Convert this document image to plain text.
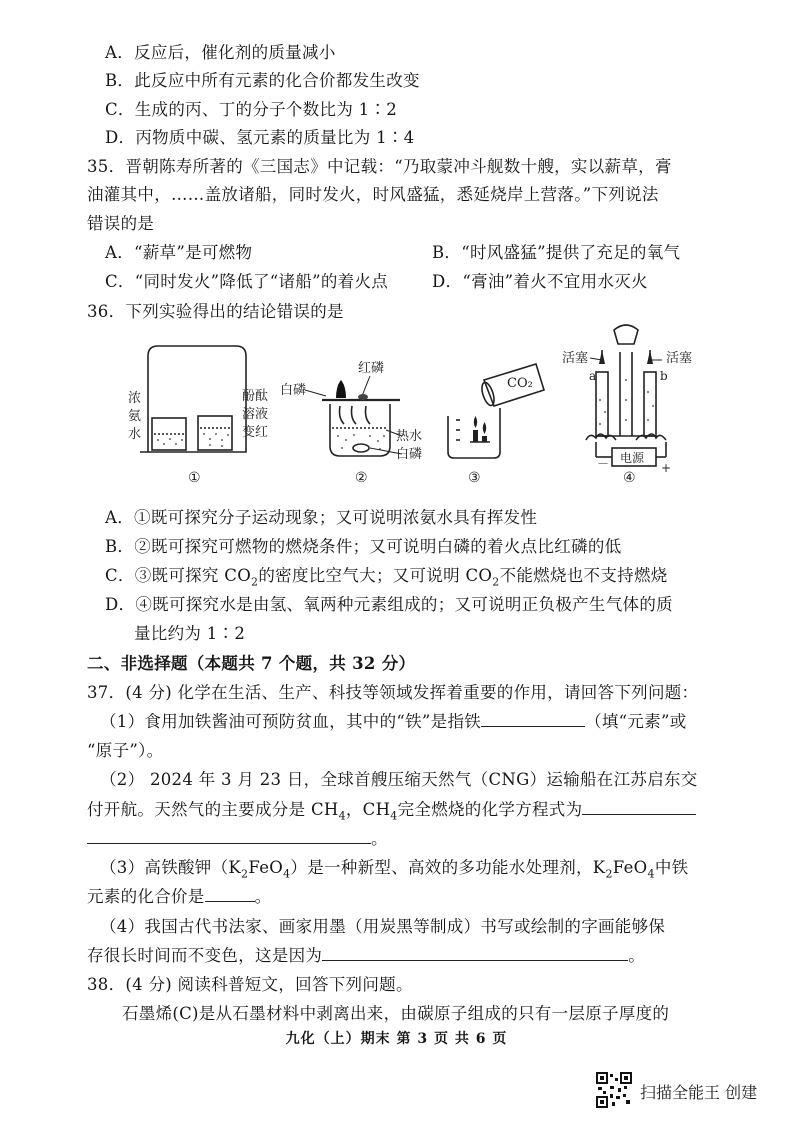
A．反应后，催化剂的质量减小
B．此反应中所有元素的化合价都发生改变
C．生成的丙、丁的分子个数比为 1∶2
D．丙物质中碳、氢元素的质量比为 1∶4
35．晋朝陈寿所著的《三国志》中记载：“乃取蒙冲斗舰数十艘，实以薪草，膏
油灌其中，……盖放诸船，同时发火，时风盛猛，悉延烧岸上营落。”下列说法
错误的是
A．“薪草”是可燃物	B．“时风盛猛”提供了充足的氧气
C．“同时发火”降低了“诸船”的着火点	D．“膏油”着火不宜用水灭火
36．下列实验得出的结论错误的是
浓
氨
水
酚酞
溶液
变红
①
白磷
红磷
热水
白磷
②
CO₂
③
活塞	活塞
a	b
电源
－	+
④
A．①既可探究分子运动现象；又可说明浓氨水具有挥发性
B．②既可探究可燃物的燃烧条件；又可说明白磷的着火点比红磷的低
C．③既可探究 $CO_2$的密度比空气大；又可说明 $CO_2$不能燃烧也不支持燃烧
D．④既可探究水是由氢、氧两种元素组成的；又可说明正负极产生气体的质
量比约为 1∶2
二、非选择题（本题共 7 个题，共 32 分）
37．(4 分) 化学在生活、生产、科技等领域发挥着重要的作用，请回答下列问题：
（1）食用加铁酱油可预防贫血，其中的“铁”是指铁	（填“元素”或
“原子”）。
（2） 2024 年 3 月 23 日，全球首艘压缩天然气（CNG）运输船在江苏启东交
付开航。天然气的主要成分是 $CH_4$，$CH_4$完全燃烧的化学方程式为
。
（3）高铁酸钾$(K_2FeO_4)$是一种新型、高效的多功能水处理剂，$K_2FeO_4$中铁
元素的化合价是	。
（4）我国古代书法家、画家用墨（用炭黑等制成）书写或绘制的字画能够保
存很长时间而不变色，这是因为	。
38．(4 分) 阅读科普短文，回答下列问题。
石墨烯(C)是从石墨材料中剥离出来，由碳原子组成的只有一层原子厚度的
九化（上）期末 第 3 页 共 6 页
扫描全能王 创建
